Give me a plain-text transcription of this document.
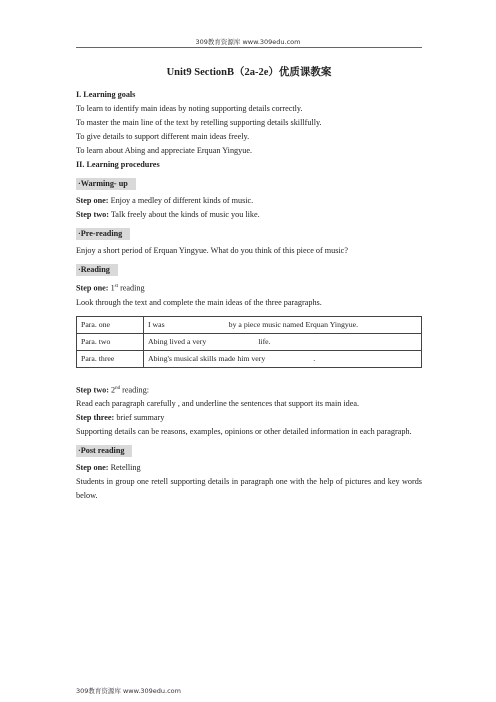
309教育资源库 www.309edu.com
Unit9 SectionB（2a-2e）优质课教案

I. Learning goals

To learn to identify main ideas by noting supporting details correctly.

To master the main line of the text by retelling supporting details skillfully.

To give details to support different main ideas freely.

To learn about Abing and appreciate Erquan Yingyue.

II. Learning procedures

·Warming- up

Step one: Enjoy a medley of different kinds of music.

Step two: Talk freely about the kinds of music you like.

·Pre-reading

Enjoy a short period of Erquan Yingyue. What do you think of this piece of music?

·Reading

Step one: 1st reading

Look through the text and complete the main ideas of the three paragraphs.

Para. one	I was by a piece music named Erquan Yingyue.
Para. two	Abing lived a very life.
Para. three	Abing's musical skills made him very .

Step two: 2nd reading:

Read each paragraph carefully , and underline the sentences that support its main idea.

Step three: brief summary

Supporting details can be reasons, examples, opinions or other detailed information in each paragraph.

·Post reading

Step one: Retelling

Students in group one retell supporting details in paragraph one with the help of pictures and key words below.

309教育资源库 www.309edu.com
